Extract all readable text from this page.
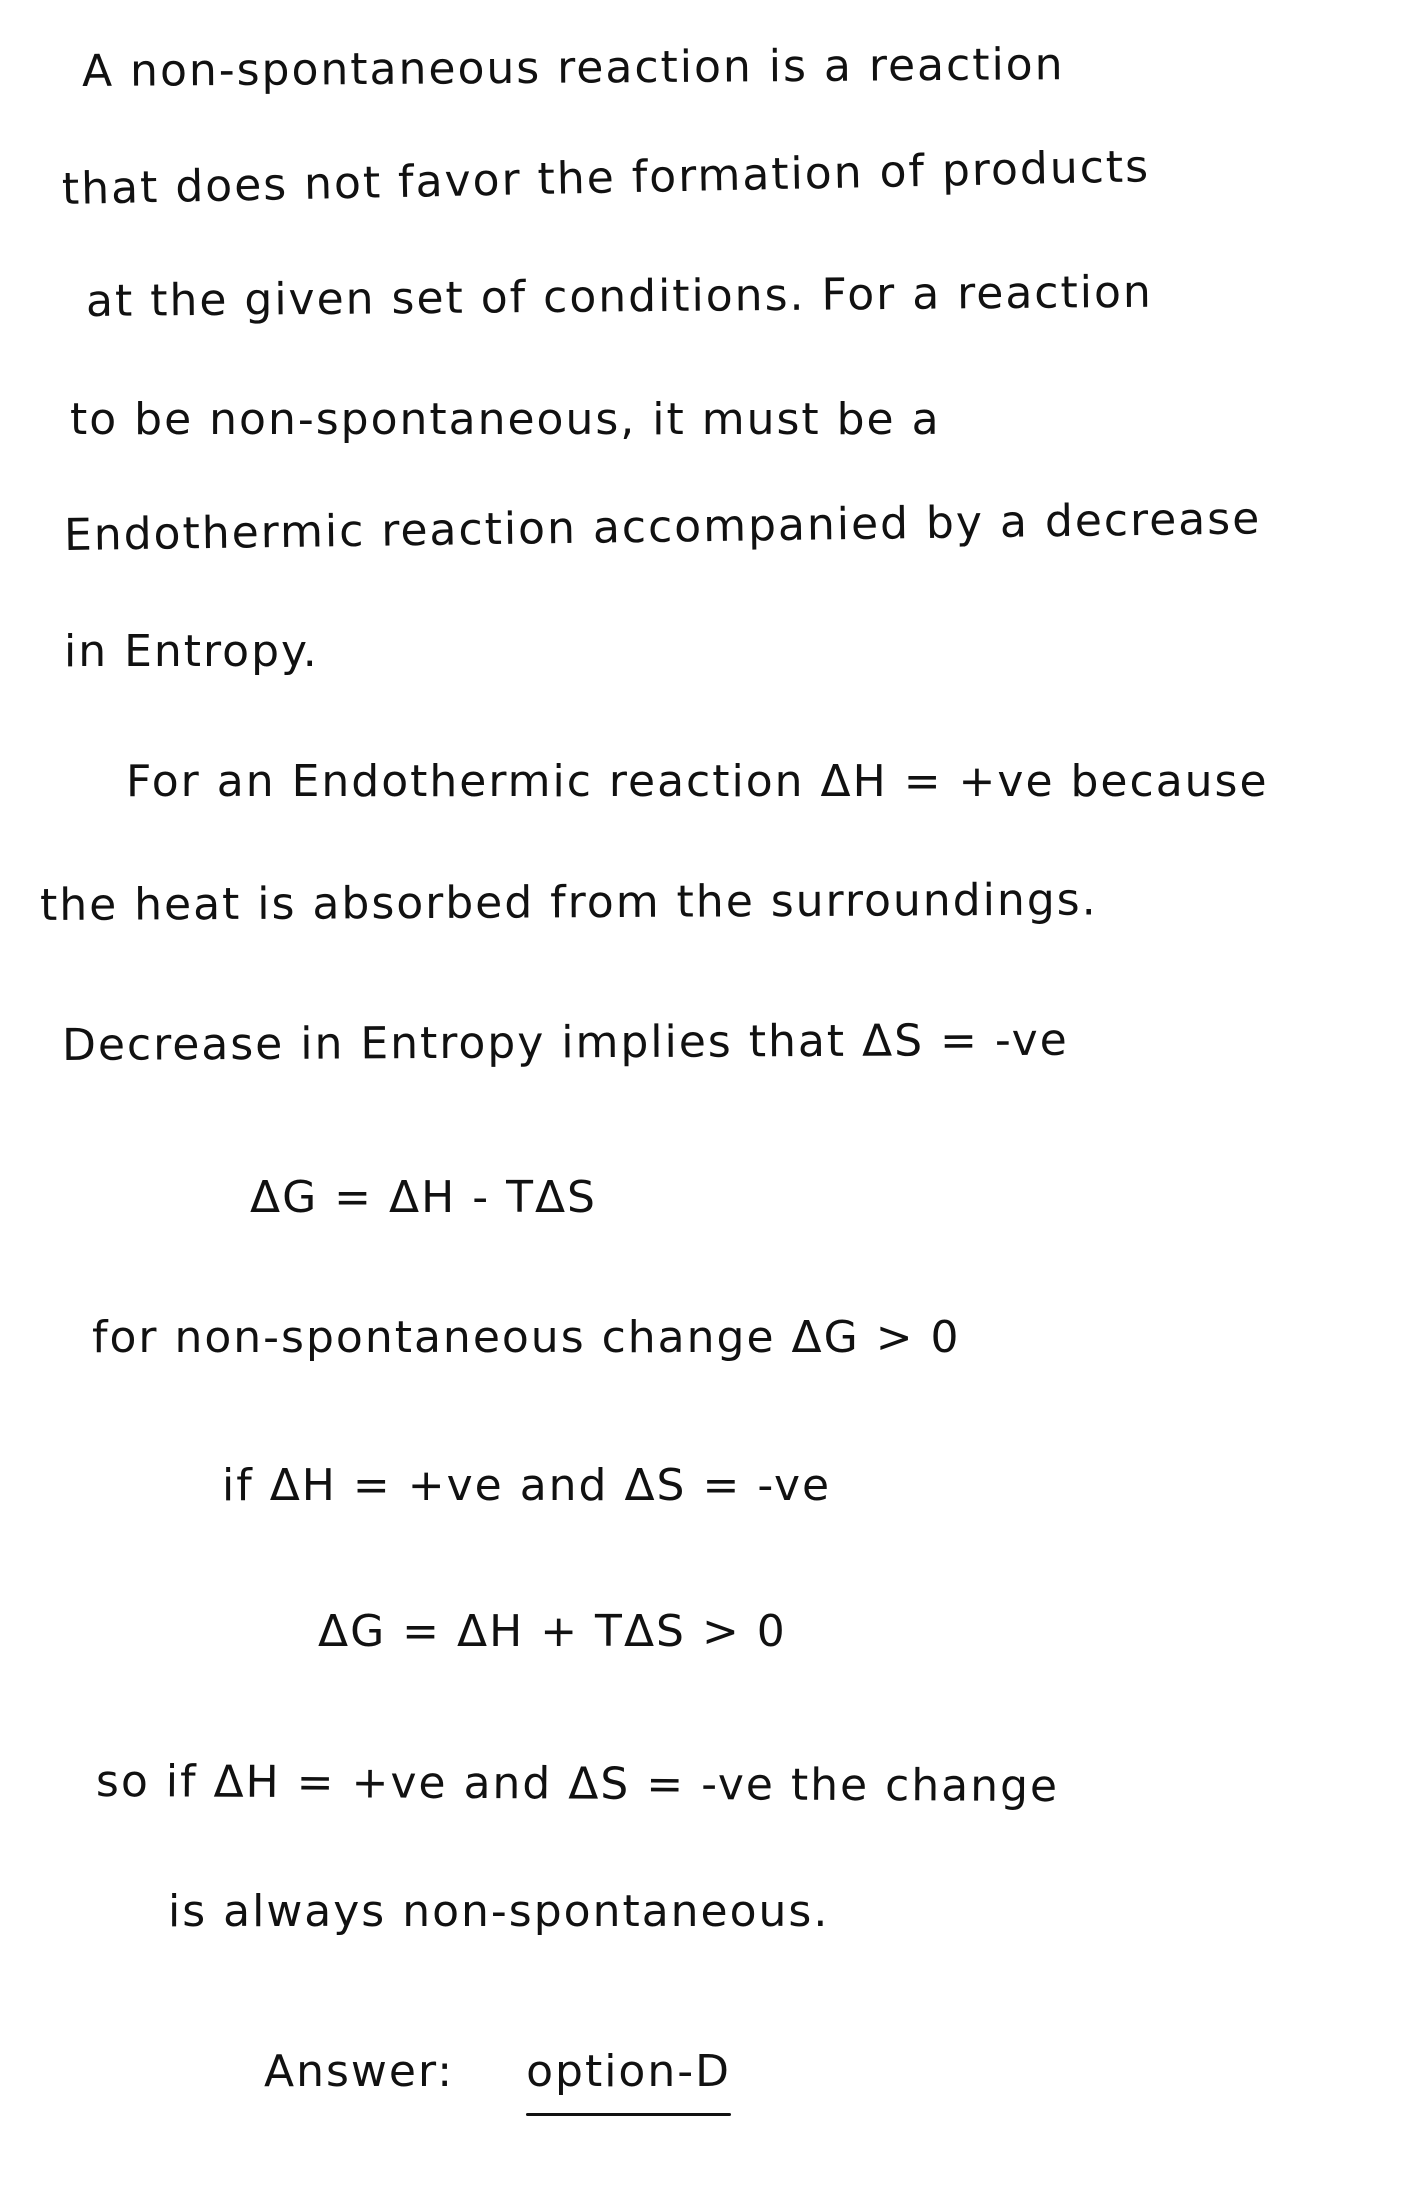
A non-spontaneous reaction is a reaction
that does not favor the formation of products
at the given set of conditions. For a reaction
to be non-spontaneous, it must be a
Endothermic reaction accompanied by a decrease
in Entropy.
For an Endothermic reaction ΔH = +ve because
the heat is absorbed from the surroundings.
Decrease in Entropy implies that ΔS = -ve
ΔG = ΔH - TΔS
for non-spontaneous change ΔG > 0
if ΔH = +ve and ΔS = -ve
ΔG = ΔH + TΔS > 0
so if ΔH = +ve and ΔS = -ve the change
is always non-spontaneous.
Answer: option-D
